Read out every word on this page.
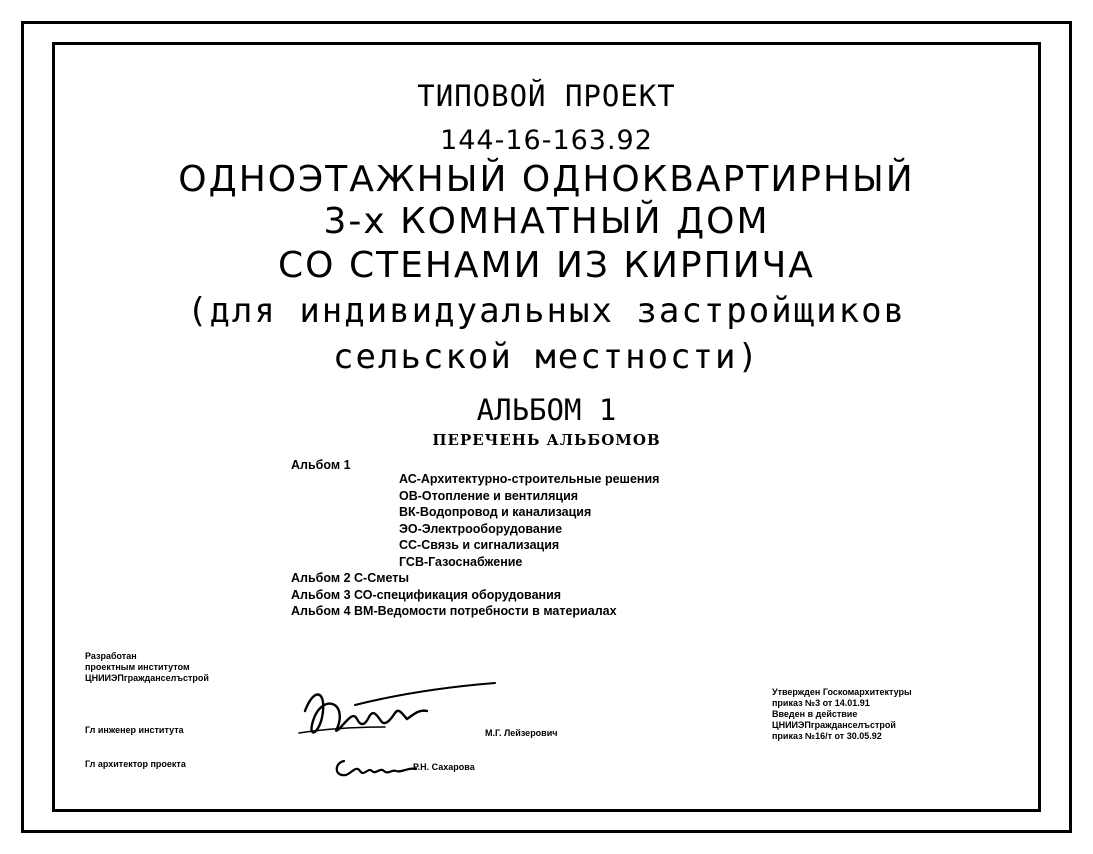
ТИПОВОЙ ПРОЕКТ
144-16-163.92
ОДНОЭТАЖНЫЙ ОДНОКВАРТИРНЫЙ
3-х КОМНАТНЫЙ ДОМ
СО СТЕНАМИ ИЗ КИРПИЧА
(для индивидуальных застройщиков
сельской местности)
АЛЬБОМ 1
ПЕРЕЧЕНЬ АЛЬБОМОВ
Альбом 1
АС-Архитектурно-строительные решения
ОВ-Отопление и вентиляция
ВК-Водопровод и канализация
ЭО-Электрооборудование
СС-Связь и сигнализация
ГСВ-Газоснабжение
Альбом 2 С-Сметы
Альбом 3 СО-спецификация оборудования
Альбом 4 ВМ-Ведомости потребности в материалах
Разработан
проектным институтом
ЦНИИЭПгражданселъстрой
Гл инженер института
Гл архитектор проекта
М.Г. Лейзерович
Р.Н. Сахарова
Утвержден Госкомархитектуры
приказ №3 от 14.01.91
Введен в действие
ЦНИИЭПгражданселъстрой
приказ №16/т от 30.05.92
